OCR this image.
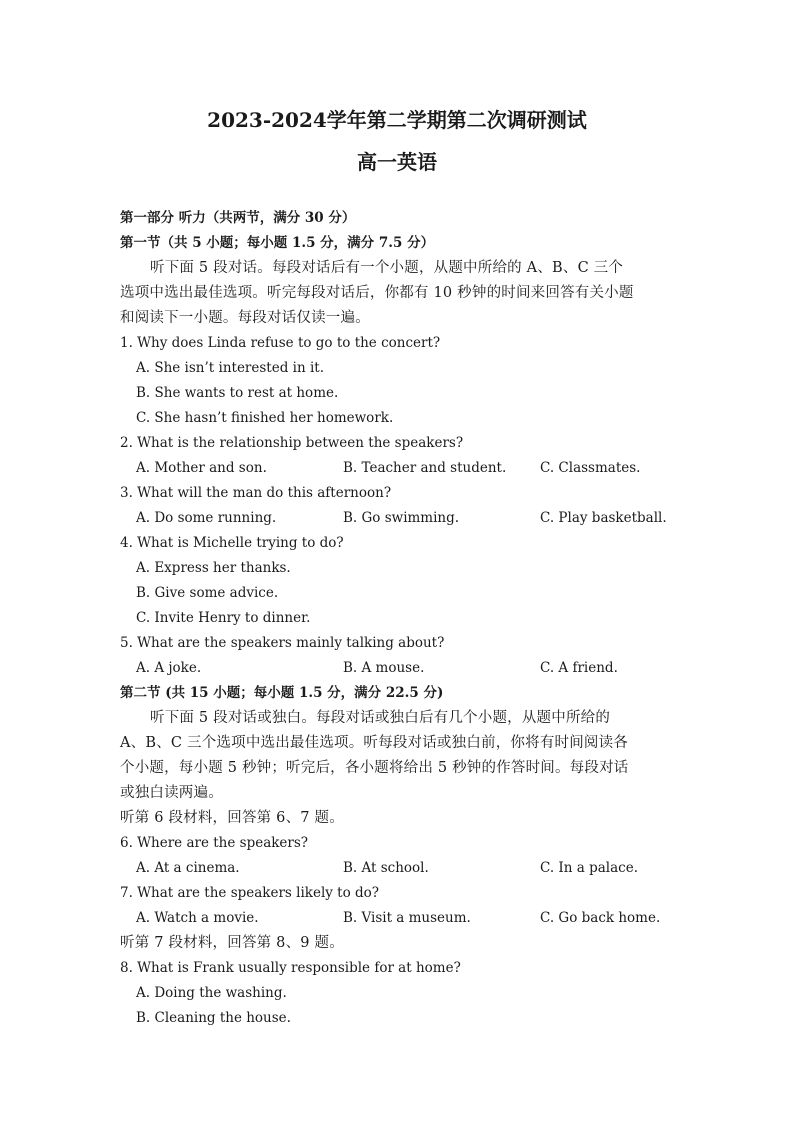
2023-2024学年第二学期第二次调研测试
高一英语
第一部分 听力（共两节，满分 30 分）
第一节（共 5 小题；每小题 1.5 分，满分 7.5 分）
听下面 5 段对话。每段对话后有一个小题，从题中所给的 A、B、C 三个
选项中选出最佳选项。听完每段对话后，你都有 10 秒钟的时间来回答有关小题
和阅读下一小题。每段对话仅读一遍。
1. Why does Linda refuse to go to the concert?
A. She isn’t interested in it.
B. She wants to rest at home.
C. She hasn’t finished her homework.
2. What is the relationship between the speakers?
A. Mother and son.	B. Teacher and student.	C. Classmates.
3. What will the man do this afternoon?
A. Do some running.	B. Go swimming.	C. Play basketball.
4. What is Michelle trying to do?
A. Express her thanks.
B. Give some advice.
C. Invite Henry to dinner.
5. What are the speakers mainly talking about?
A. A joke.	B. A mouse.	C. A friend.
第二节 (共 15 小题；每小题 1.5 分，满分 22.5 分)
听下面 5 段对话或独白。每段对话或独白后有几个小题，从题中所给的
A、B、C 三个选项中选出最佳选项。听每段对话或独白前，你将有时间阅读各
个小题，每小题 5 秒钟；听完后，各小题将给出 5 秒钟的作答时间。每段对话
或独白读两遍。
听第 6 段材料，回答第 6、7 题。
6. Where are the speakers?
A. At a cinema.	B. At school.	C. In a palace.
7. What are the speakers likely to do?
A. Watch a movie.	B. Visit a museum.	C. Go back home.
听第 7 段材料，回答第 8、9 题。
8. What is Frank usually responsible for at home?
A. Doing the washing.
B. Cleaning the house.
